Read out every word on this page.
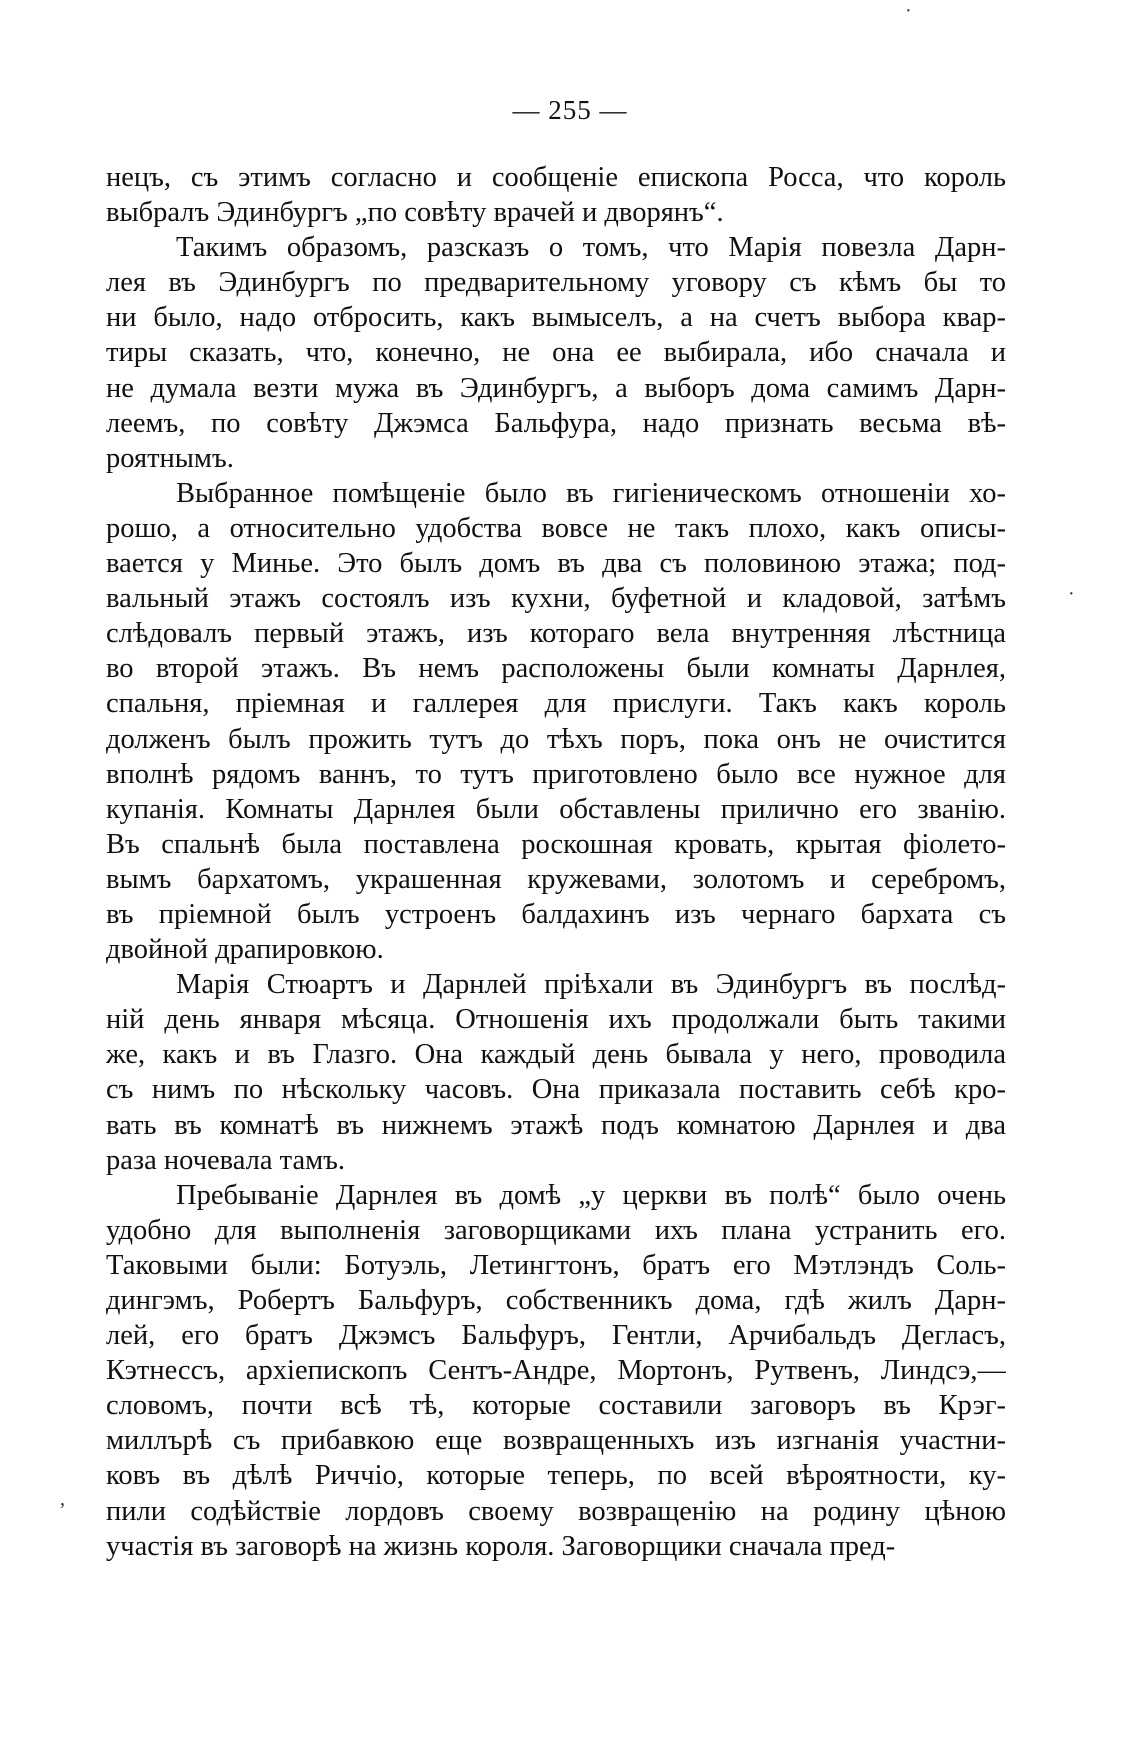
·
·
‚
— 255 —
нецъ, съ этимъ согласно и сообщеніе епископа Росса, что король
выбралъ Эдинбургъ „по совѣту врачей и дворянъ“.
Такимъ образомъ, разсказъ о томъ, что Марія повезла Дарн-
лея въ Эдинбургъ по предварительному уговору съ кѣмъ бы то
ни было, надо отбросить, какъ вымыселъ, а на счетъ выбора квар-
тиры сказать, что, конечно, не она ее выбирала, ибо сначала и
не думала везти мужа въ Эдинбургъ, а выборъ дома самимъ Дарн-
леемъ, по совѣту Джэмса Бальфура, надо признать весьма вѣ-
роятнымъ.
Выбранное помѣщеніе было въ гигіеническомъ отношеніи хо-
рошо, а относительно удобства вовсе не такъ плохо, какъ описы-
вается у Минье. Это былъ домъ въ два съ половиною этажа; под-
вальный этажъ состоялъ изъ кухни, буфетной и кладовой, затѣмъ
слѣдовалъ первый этажъ, изъ котораго вела внутренняя лѣстница
во второй этажъ. Въ немъ расположены были комнаты Дарнлея,
спальня, пріемная и галлерея для прислуги. Такъ какъ король
долженъ былъ прожить тутъ до тѣхъ поръ, пока онъ не очистится
вполнѣ рядомъ ваннъ, то тутъ приготовлено было все нужное для
купанія. Комнаты Дарнлея были обставлены прилично его званію.
Въ спальнѣ была поставлена роскошная кровать, крытая фіолето-
вымъ бархатомъ, украшенная кружевами, золотомъ и серебромъ,
въ пріемной былъ устроенъ балдахинъ изъ чернаго бархата съ
двойной драпировкою.
Марія Стюартъ и Дарнлей пріѣхали въ Эдинбургъ въ послѣд-
ній день января мѣсяца. Отношенія ихъ продолжали быть такими
же, какъ и въ Глазго. Она каждый день бывала у него, проводила
съ нимъ по нѣскольку часовъ. Она приказала поставить себѣ кро-
вать въ комнатѣ въ нижнемъ этажѣ подъ комнатою Дарнлея и два
раза ночевала тамъ.
Пребываніе Дарнлея въ домѣ „у церкви въ полѣ“ было очень
удобно для выполненія заговорщиками ихъ плана устранить его.
Таковыми были: Ботуэль, Летингтонъ, братъ его Мэтлэндъ Соль-
дингэмъ, Робертъ Бальфуръ, собственникъ дома, гдѣ жилъ Дарн-
лей, его братъ Джэмсъ Бальфуръ, Гентли, Арчибальдъ Дегласъ,
Кэтнессъ, архіепископъ Сентъ-Андре, Мортонъ, Рутвенъ, Линдсэ,—
словомъ, почти всѣ тѣ, которые составили заговоръ въ Крэг-
миллърѣ съ прибавкою еще возвращенныхъ изъ изгнанія участни-
ковъ въ дѣлѣ Риччіо, которые теперь, по всей вѣроятности, ку-
пили содѣйствіе лордовъ своему возвращенію на родину цѣною
участія въ заговорѣ на жизнь короля. Заговорщики сначала пред-
